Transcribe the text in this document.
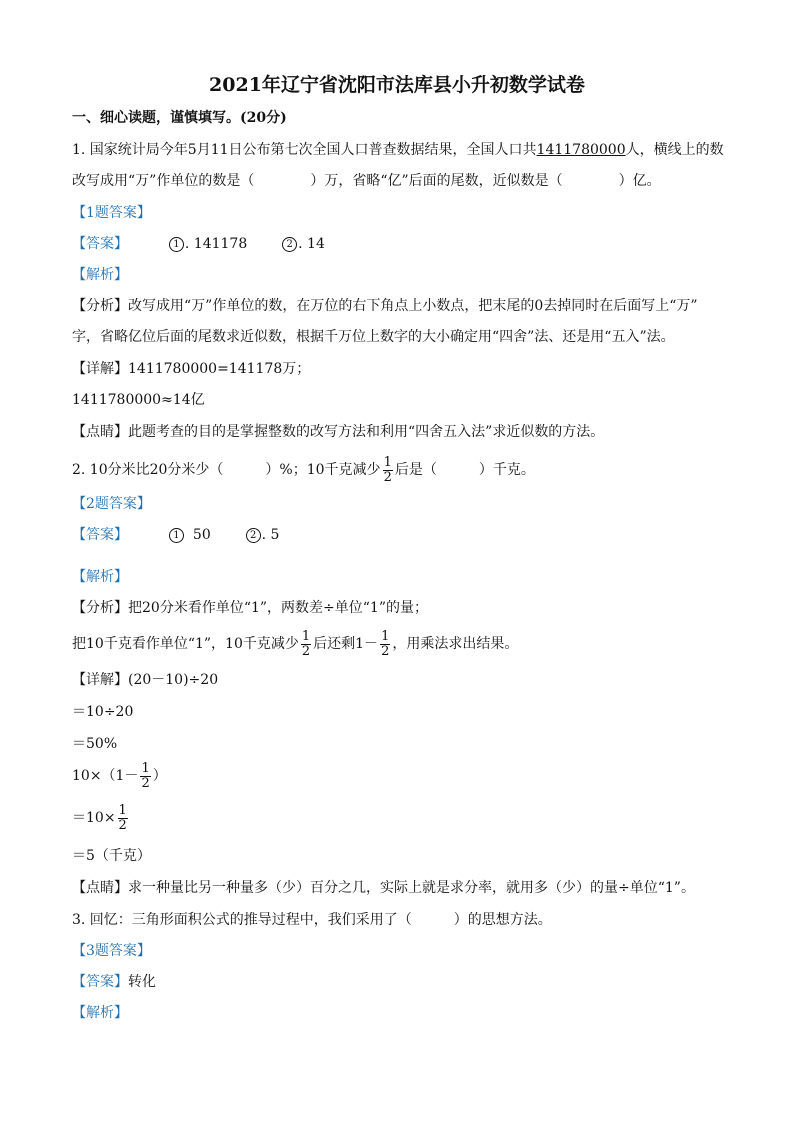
2021年辽宁省沈阳市法库县小升初数学试卷
一、细心读题，谨慎填写。(20分)
1. 国家统计局今年5月11日公布第七次全国人口普查数据结果，全国人口共1411780000人，横线上的数
改写成用“万”作单位的数是（　　　　）万，省略“亿”后面的尾数，近似数是（　　　　）亿。
【1题答案】
【答案】	1 . 141178	2 . 14
【解析】
【分析】改写成用“万”作单位的数，在万位的右下角点上小数点，把末尾的0去掉同时在后面写上“万”
字，省略亿位后面的尾数求近似数，根据千万位上数字的大小确定用“四舍”法、还是用“五入”法。
【详解】1411780000=141178万；
1411780000≈14亿
【点睛】此题考查的目的是掌握整数的改写方法和利用“四舍五入法”求近似数的方法。
2. 10分米比20分米少（　　　）%；10千克减少 $\frac{1}{2}$ 后是（　　　）千克。
【2题答案】
【答案】	1 50	2 . 5
【解析】
【分析】把20分米看作单位“1”，两数差÷单位“1”的量；
把10千克看作单位“1”，10千克减少 $\frac{1}{2}$ 后还剩$1- \frac{1}{2}$ ，用乘法求出结果。
【详解】(20－10)÷20
＝10÷20
＝50%
$10\times(1- \frac{1}{2}$ ）
$=10\times \frac{1}{2}$
＝5（千克）
【点睛】求一种量比另一种量多（少）百分之几，实际上就是求分率，就用多（少）的量÷单位“1”。
3. 回忆：三角形面积公式的推导过程中，我们采用了（　　　）的思想方法。
【3题答案】
【答案】转化
【解析】
